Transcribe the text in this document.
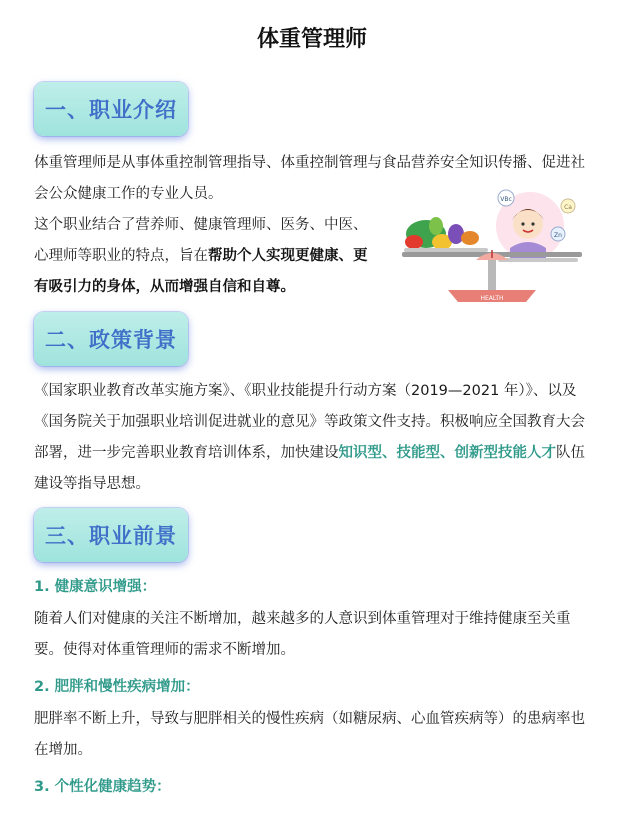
体重管理师
一、职业介绍
体重管理师是从事体重控制管理指导、体重控制管理与食品营养安全知识传播、促进社会公众健康工作的专业人员。
这个职业结合了营养师、健康管理师、医务、中医、
心理师等职业的特点，旨在帮助个人实现更健康、更
有吸引力的身体，从而增强自信和自尊。
VBc
Ca
Zn
HEALTH
二、政策背景
《国家职业教育改革实施方案》、《职业技能提升行动方案（2019—2021 年）》、以及《国务院关于加强职业培训促进就业的意见》等政策文件支持。积极响应全国教育大会部署，进一步完善职业教育培训体系，加快建设知识型、技能型、创新型技能人才队伍建设等指导思想。
三、职业前景
1. 健康意识增强：
随着人们对健康的关注不断增加，越来越多的人意识到体重管理对于维持健康至关重要。使得对体重管理师的需求不断增加。
2. 肥胖和慢性疾病增加：
肥胖率不断上升，导致与肥胖相关的慢性疾病（如糖尿病、心血管疾病等）的患病率也在增加。
3. 个性化健康趋势：
